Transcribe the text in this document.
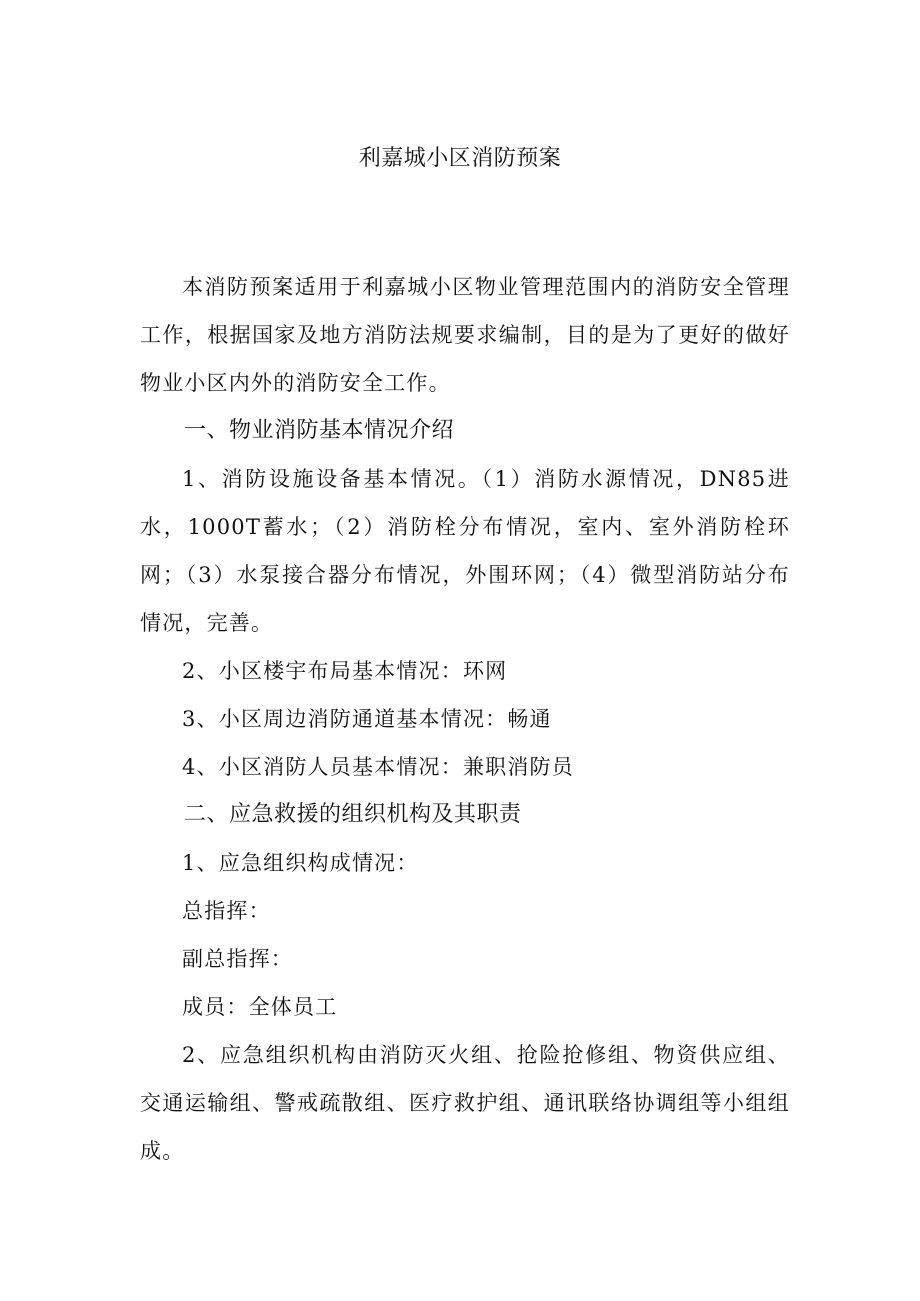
利嘉城小区消防预案

本消防预案适用于利嘉城小区物业管理范围内的消防安全管理工作，根据国家及地方消防法规要求编制，目的是为了更好的做好物业小区内外的消防安全工作。

一、物业消防基本情况介绍

1、消防设施设备基本情况。（1）消防水源情况，DN85进水，1000T蓄水；（2）消防栓分布情况，室内、室外消防栓环网；（3）水泵接合器分布情况，外围环网；（4）微型消防站分布情况，完善。

2、小区楼宇布局基本情况：环网

3、小区周边消防通道基本情况：畅通

4、小区消防人员基本情况：兼职消防员

二、应急救援的组织机构及其职责

1、应急组织构成情况：

总指挥：

副总指挥：

成员：全体员工

2、应急组织机构由消防灭火组、抢险抢修组、物资供应组、交通运输组、警戒疏散组、医疗救护组、通讯联络协调组等小组组成。
